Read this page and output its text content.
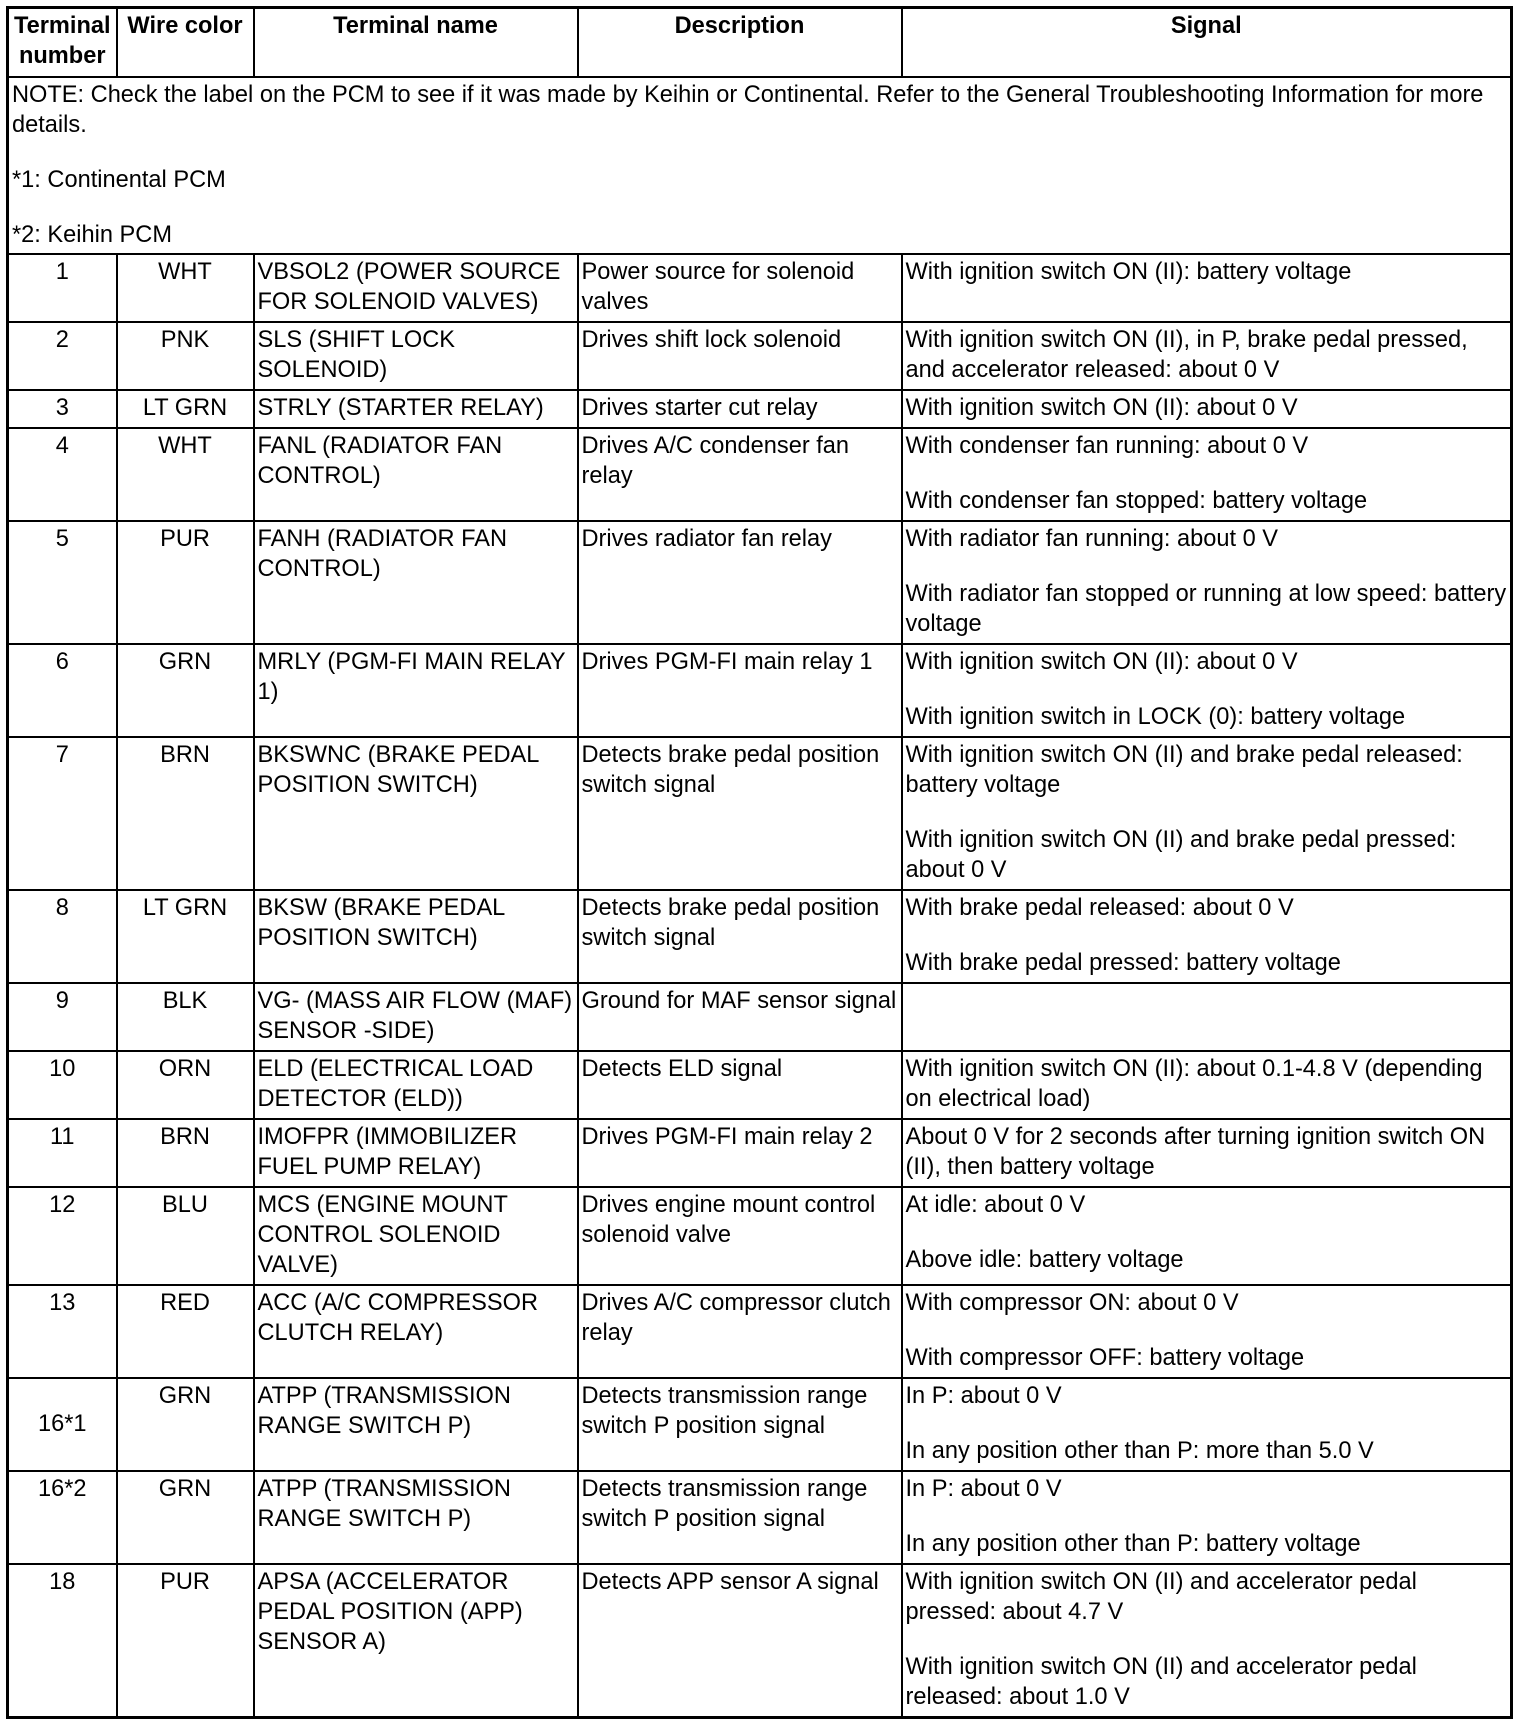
Terminal
number	Wire color	Terminal name	Description	Signal

NOTE: Check the label on the PCM to see if it was made by Keihin or Continental. Refer to the General Troubleshooting Information for more details.

*1: Continental PCM

*2: Keihin PCM				

1	WHT	VBSOL2 (POWER SOURCE FOR SOLENOID VALVES)	Power source for solenoid valves	With ignition switch ON (II): battery voltage

2	PNK	SLS (SHIFT LOCK SOLENOID)	Drives shift lock solenoid	With ignition switch ON (II), in P, brake pedal pressed, and accelerator released: about 0 V

3	LT GRN	STRLY (STARTER RELAY)	Drives starter cut relay	With ignition switch ON (II): about 0 V

4	WHT	FANL (RADIATOR FAN CONTROL)	Drives A/C condenser fan relay	With condenser fan running: about 0 V

With condenser fan stopped: battery voltage

5	PUR	FANH (RADIATOR FAN CONTROL)	Drives radiator fan relay	With radiator fan running: about 0 V

With radiator fan stopped or running at low speed: battery voltage

6	GRN	MRLY (PGM-FI MAIN RELAY 1)	Drives PGM-FI main relay 1	With ignition switch ON (II): about 0 V

With ignition switch in LOCK (0): battery voltage

7	BRN	BKSWNC (BRAKE PEDAL POSITION SWITCH)	Detects brake pedal position switch signal	With ignition switch ON (II) and brake pedal released: battery voltage

With ignition switch ON (II) and brake pedal pressed: about 0 V

8	LT GRN	BKSW (BRAKE PEDAL POSITION SWITCH)	Detects brake pedal position switch signal	With brake pedal released: about 0 V

With brake pedal pressed: battery voltage

9	BLK	VG- (MASS AIR FLOW (MAF) SENSOR -SIDE)	Ground for MAF sensor signal	
10	ORN	ELD (ELECTRICAL LOAD DETECTOR (ELD))	Detects ELD signal	With ignition switch ON (II): about 0.1-4.8 V (depending on electrical load)

11	BRN	IMOFPR (IMMOBILIZER FUEL PUMP RELAY)	Drives PGM-FI main relay 2	About 0 V for 2 seconds after turning ignition switch ON (II), then battery voltage

12	BLU	MCS (ENGINE MOUNT CONTROL SOLENOID VALVE)	Drives engine mount control solenoid valve	At idle: about 0 V

Above idle: battery voltage

13	RED	ACC (A/C COMPRESSOR CLUTCH RELAY)	Drives A/C compressor clutch relay	With compressor ON: about 0 V

With compressor OFF: battery voltage

16*1	GRN	ATPP (TRANSMISSION RANGE SWITCH P)	Detects transmission range switch P position signal	In P: about 0 V

In any position other than P: more than 5.0 V

16*2	GRN	ATPP (TRANSMISSION RANGE SWITCH P)	Detects transmission range switch P position signal	In P: about 0 V

In any position other than P: battery voltage

18	PUR	APSA (ACCELERATOR PEDAL POSITION (APP) SENSOR A)	Detects APP sensor A signal	With ignition switch ON (II) and accelerator pedal pressed: about 4.7 V

With ignition switch ON (II) and accelerator pedal released: about 1.0 V
